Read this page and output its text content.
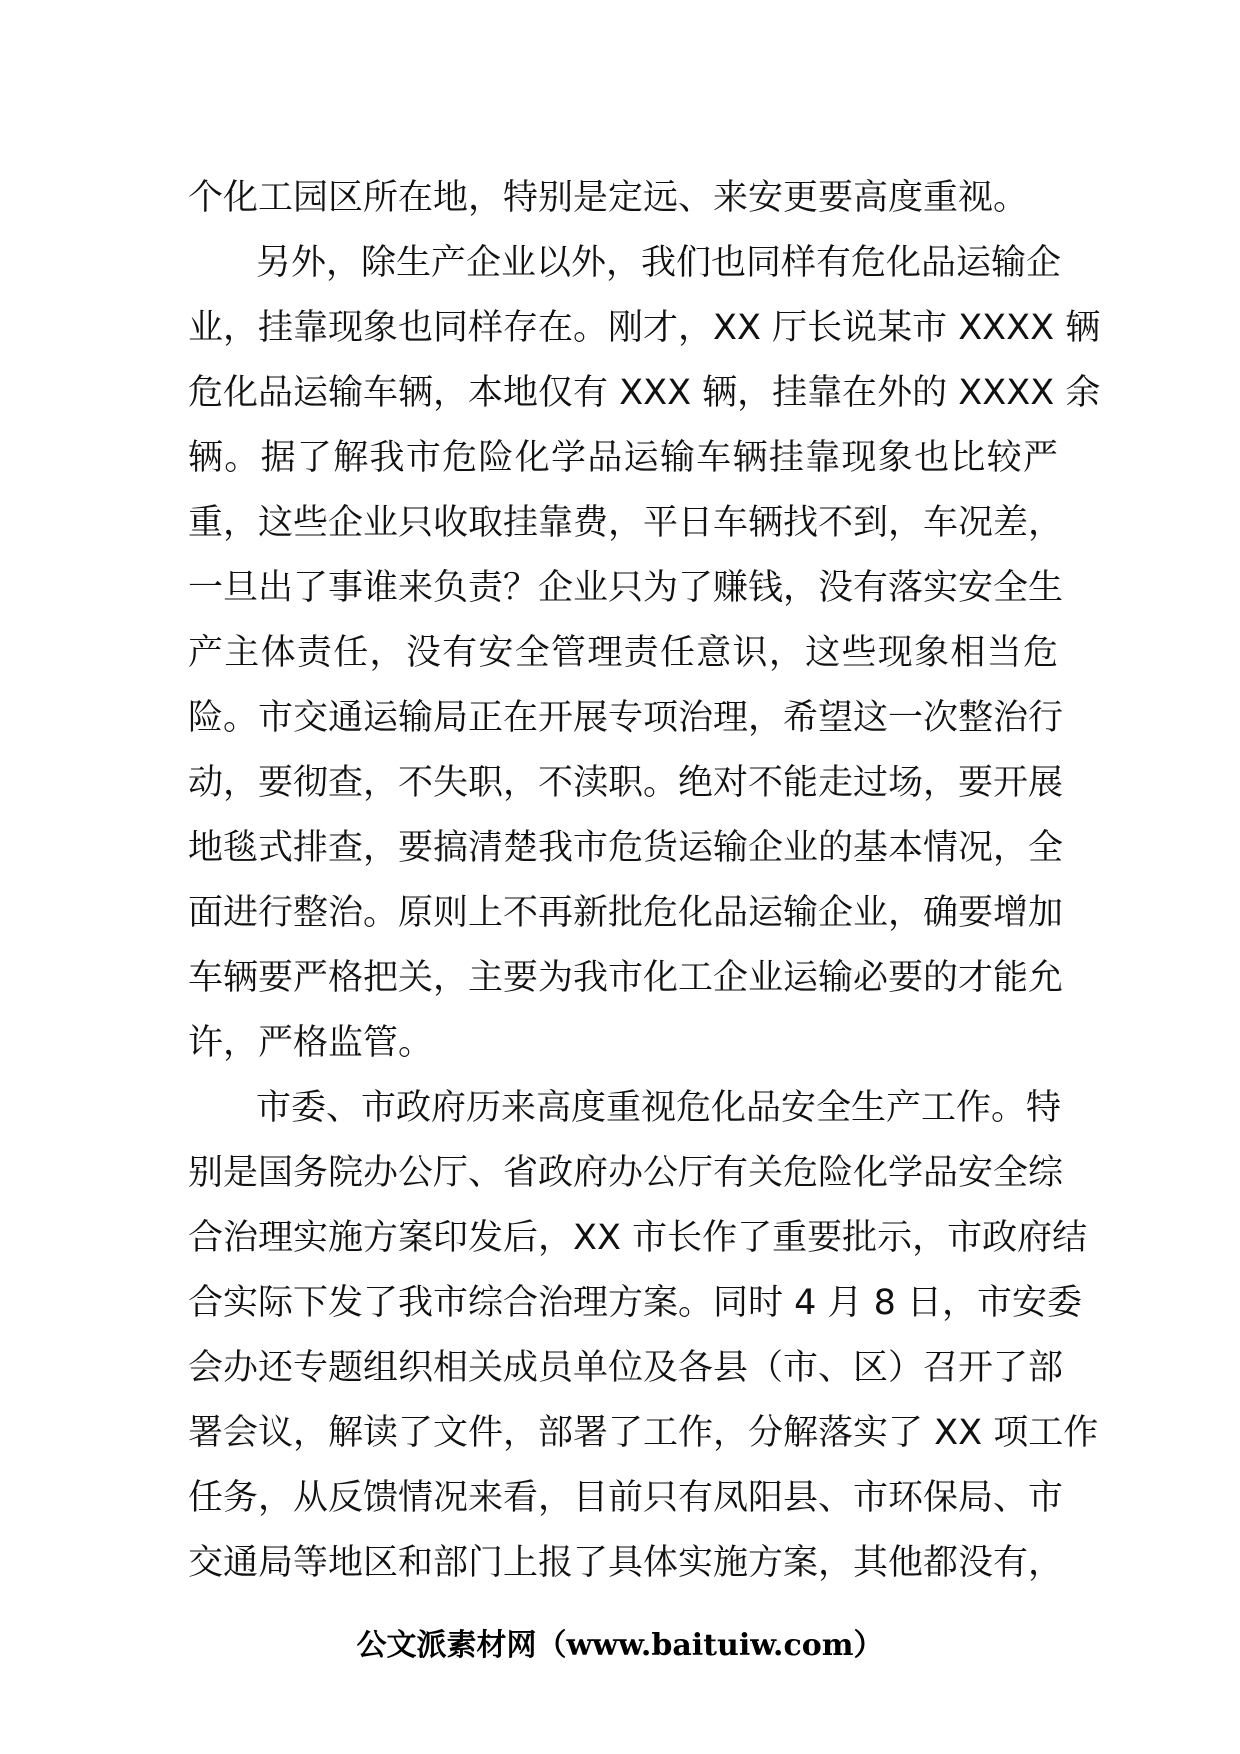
个化工园区所在地，特别是定远、来安更要高度重视。
另外，除生产企业以外，我们也同样有危化品运输企
业，挂靠现象也同样存在。刚才，XX 厅长说某市 XXXX 辆
危化品运输车辆，本地仅有 XXX 辆，挂靠在外的 XXXX 余
辆。据了解我市危险化学品运输车辆挂靠现象也比较严
重，这些企业只收取挂靠费，平日车辆找不到，车况差，
一旦出了事谁来负责？企业只为了赚钱，没有落实安全生
产主体责任，没有安全管理责任意识，这些现象相当危
险。市交通运输局正在开展专项治理，希望这一次整治行
动，要彻查，不失职，不渎职。绝对不能走过场，要开展
地毯式排查，要搞清楚我市危货运输企业的基本情况，全
面进行整治。原则上不再新批危化品运输企业，确要增加
车辆要严格把关，主要为我市化工企业运输必要的才能允
许，严格监管。
市委、市政府历来高度重视危化品安全生产工作。特
别是国务院办公厅、省政府办公厅有关危险化学品安全综
合治理实施方案印发后，XX 市长作了重要批示，市政府结
合实际下发了我市综合治理方案。同时 4 月 8 日，市安委
会办还专题组织相关成员单位及各县（市、区）召开了部
署会议，解读了文件，部署了工作，分解落实了 XX 项工作
任务，从反馈情况来看，目前只有凤阳县、市环保局、市
交通局等地区和部门上报了具体实施方案，其他都没有，
公文派素材网（www.baituiw.com）
